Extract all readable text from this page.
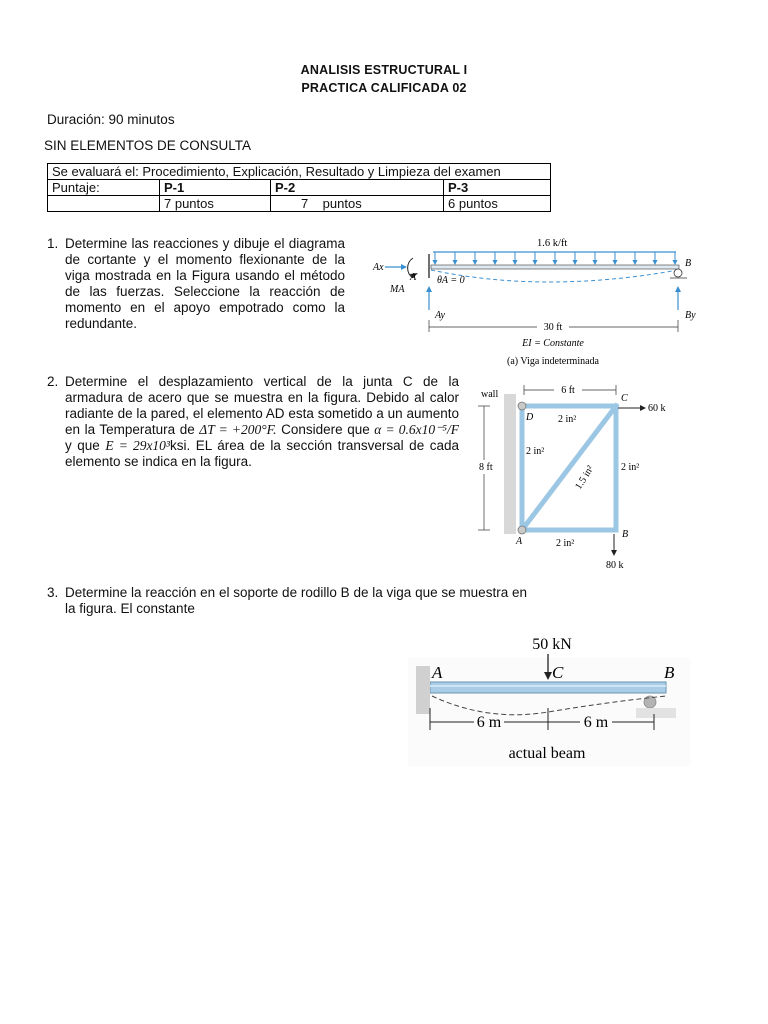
ANALISIS ESTRUCTURAL I
PRACTICA CALIFICADA 02
Duración: 90 minutos
SIN ELEMENTOS DE CONSULTA
Se evaluará el: Procedimiento, Explicación, Resultado y Limpieza del examen			
Puntaje:	P-1	P-2	P-3
	7 puntos	7    puntos	6 puntos
1. Determine las reacciones y dibuje el diagrama de cortante y el momento flexionante de la viga mostrada en la Figura usando el método de las fuerzas. Seleccione la reacción de momento en el apoyo empotrado como la redundante.
1.6 k/ft
Ax
A
MA
θA = 0
Ay
B
By
30 ft
EI = Constante
(a) Viga indeterminada
2. Determine el desplazamiento vertical de la junta C de la armadura de acero que se muestra en la figura. Debido al calor radiante de la pared, el elemento AD esta sometido a un aumento en la Temperatura de ΔT = +200°F. Considere que α = 0.6x10⁻⁵/F y que E = 29x10³ksi. EL área de la sección transversal de cada elemento se indica en la figura.
wall	6 ft
C
60 k
D 2 in²
2 in²
1.5 in² 2 in²
8 ft
A	2 in²
B
80 k
3. Determine la reacción en el soporte de rodillo B de la viga que se muestra en la figura. El constante
50 kN
A	C	B
6 m	6 m
actual beam
